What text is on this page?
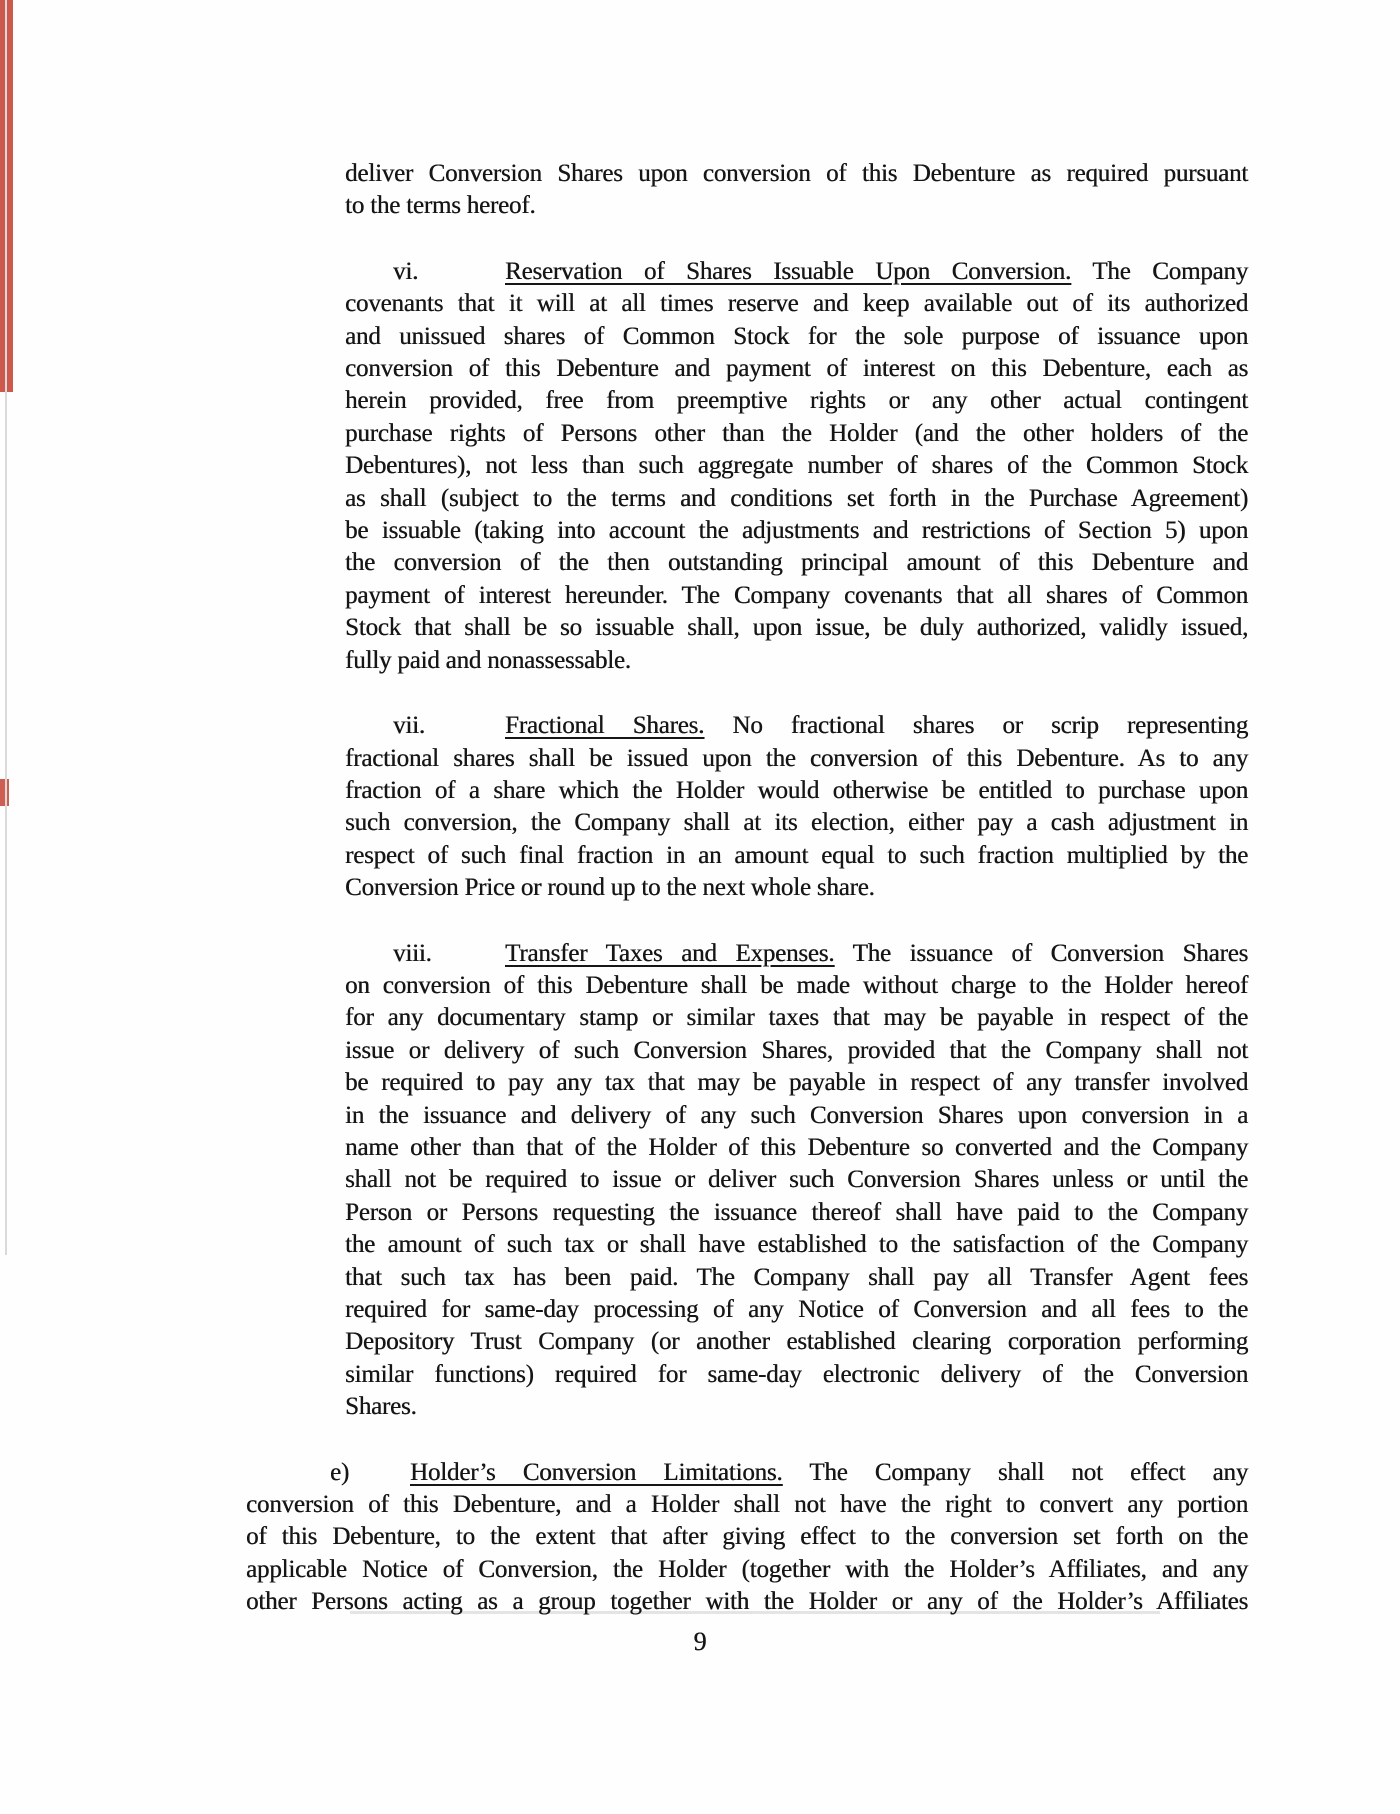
deliver Conversion Shares upon conversion of this Debenture as required pursuant
to the terms hereof.
vi.	Reservation of Shares Issuable Upon Conversion. The Company
covenants that it will at all times reserve and keep available out of its authorized
and unissued shares of Common Stock for the sole purpose of issuance upon
conversion of this Debenture and payment of interest on this Debenture, each as
herein provided, free from preemptive rights or any other actual contingent
purchase rights of Persons other than the Holder (and the other holders of the
Debentures), not less than such aggregate number of shares of the Common Stock
as shall (subject to the terms and conditions set forth in the Purchase Agreement)
be issuable (taking into account the adjustments and restrictions of Section 5) upon
the conversion of the then outstanding principal amount of this Debenture and
payment of interest hereunder. The Company covenants that all shares of Common
Stock that shall be so issuable shall, upon issue, be duly authorized, validly issued,
fully paid and nonassessable.
vii.	Fractional Shares. No fractional shares or scrip representing
fractional shares shall be issued upon the conversion of this Debenture. As to any
fraction of a share which the Holder would otherwise be entitled to purchase upon
such conversion, the Company shall at its election, either pay a cash adjustment in
respect of such final fraction in an amount equal to such fraction multiplied by the
Conversion Price or round up to the next whole share.
viii.	Transfer Taxes and Expenses. The issuance of Conversion Shares
on conversion of this Debenture shall be made without charge to the Holder hereof
for any documentary stamp or similar taxes that may be payable in respect of the
issue or delivery of such Conversion Shares, provided that the Company shall not
be required to pay any tax that may be payable in respect of any transfer involved
in the issuance and delivery of any such Conversion Shares upon conversion in a
name other than that of the Holder of this Debenture so converted and the Company
shall not be required to issue or deliver such Conversion Shares unless or until the
Person or Persons requesting the issuance thereof shall have paid to the Company
the amount of such tax or shall have established to the satisfaction of the Company
that such tax has been paid. The Company shall pay all Transfer Agent fees
required for same-day processing of any Notice of Conversion and all fees to the
Depository Trust Company (or another established clearing corporation performing
similar functions) required for same-day electronic delivery of the Conversion
Shares.
e) Holder’s Conversion Limitations. The Company shall not effect any
conversion of this Debenture, and a Holder shall not have the right to convert any portion
of this Debenture, to the extent that after giving effect to the conversion set forth on the
applicable Notice of Conversion, the Holder (together with the Holder’s Affiliates, and any
other Persons acting as a group together with the Holder or any of the Holder’s Affiliates
9
